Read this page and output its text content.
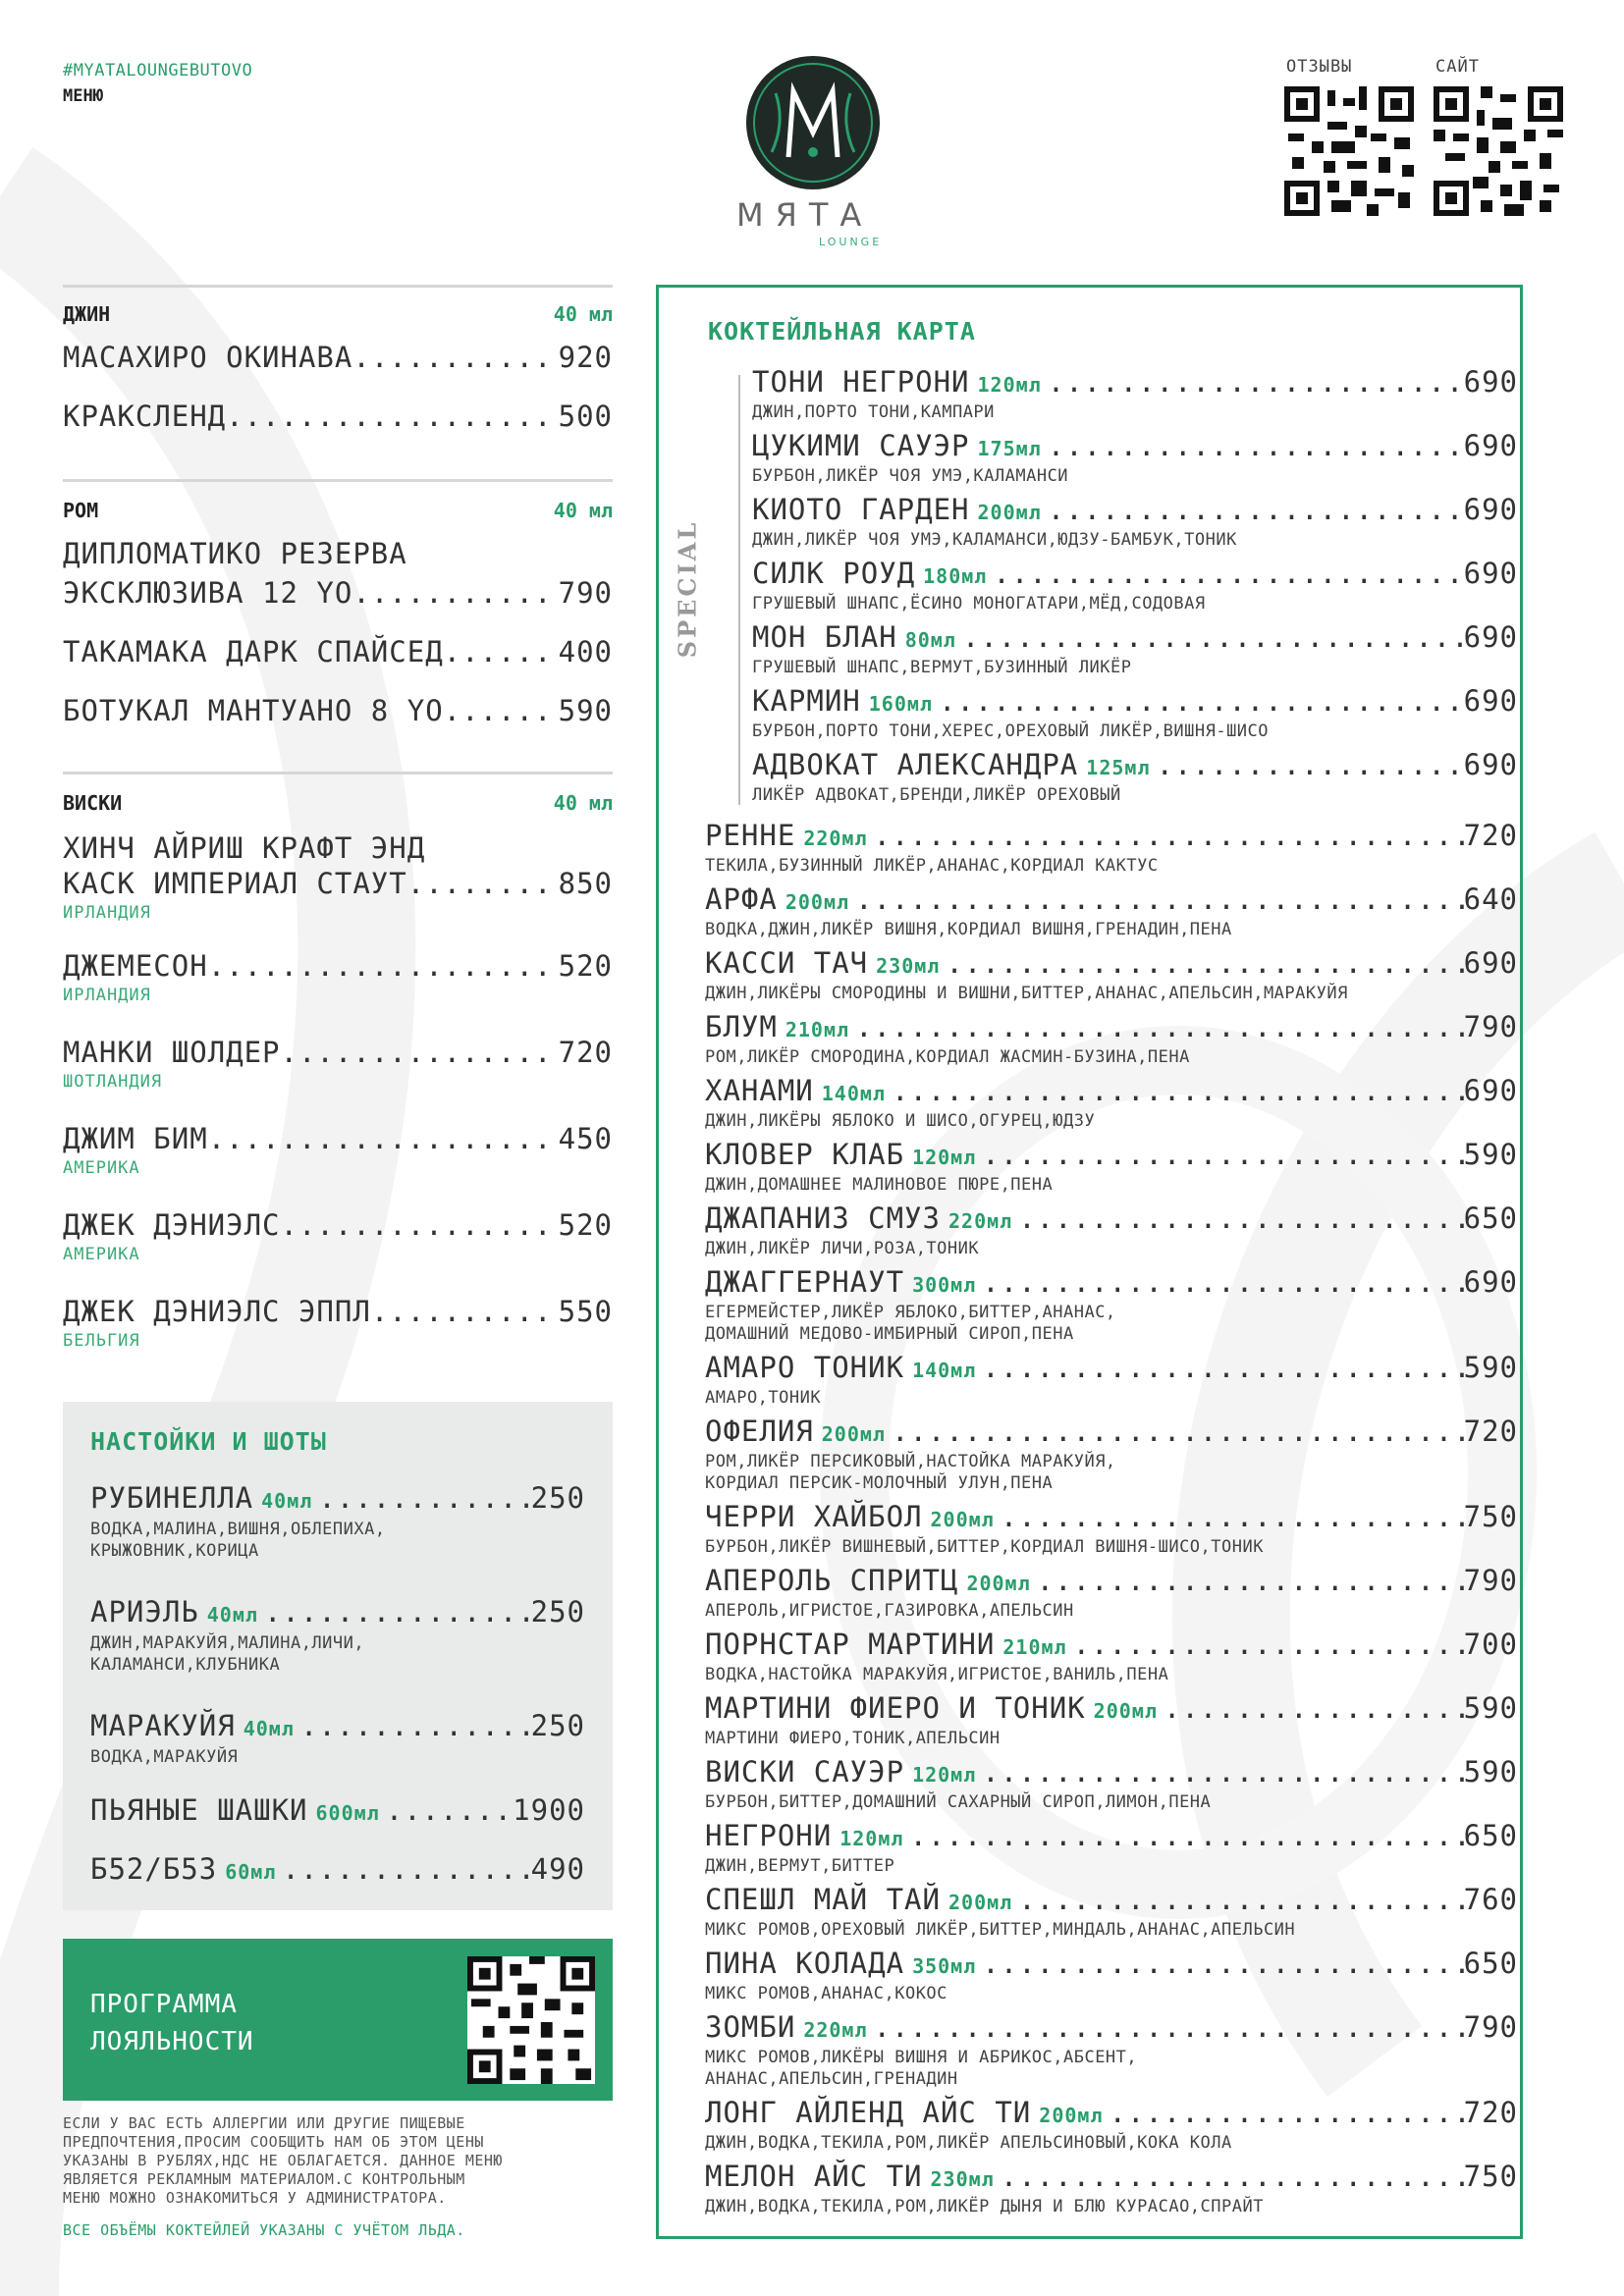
#MYATALOUNGEBUTOVO
МЕНЮ
МЯТА
LOUNGE
ОТЗЫВЫ	САЙТ
ДЖИН	40 мл
МАСАХИРО ОКИНАВА .....	920
КРАКСЛЕНД .....	500
РОМ	40 мл
ДИПЛОМАТИКО РЕЗЕРВА
ЭКСКЛЮЗИВА 12 YO .....	790
ТАКАМАКА ДАРК СПАЙСЕД .....	400
БОТУКАЛ МАНТУАНО 8 YO .....	590
ВИСКИ	40 мл
ХИНЧ АЙРИШ КРАФТ ЭНД
КАСК ИМПЕРИАЛ СТАУТ .....	850
ИРЛАНДИЯ
ДЖЕМЕСОН .....	520
ИРЛАНДИЯ
МАНКИ ШОЛДЕР .....	720
ШОТЛАНДИЯ
ДЖИМ БИМ .....	450
АМЕРИКА
ДЖЕК ДЭНИЭЛС .....	520
АМЕРИКА
ДЖЕК ДЭНИЭЛС ЭППЛ .....	550
БЕЛЬГИЯ
НАСТОЙКИ И ШОТЫ
РУБИНЕЛЛА 40мл .....	250
ВОДКА,МАЛИНА,ВИШНЯ,ОБЛЕПИХА,
КРЫЖОВНИК,КОРИЦА
АРИЭЛЬ 40мл .....	250
ДЖИН,МАРАКУЙЯ,МАЛИНА,ЛИЧИ,
КАЛАМАНСИ,КЛУБНИКА
МАРАКУЙЯ 40мл .....	250
ВОДКА,МАРАКУЙЯ
ПЬЯНЫЕ ШАШКИ 600мл .....	1900
Б52/Б53 60мл .....	490
ПРОГРАММА
ЛОЯЛЬНОСТИ
ЕСЛИ У ВАС ЕСТЬ АЛЛЕРГИИ ИЛИ ДРУГИЕ ПИЩЕВЫЕ
ПРЕДПОЧТЕНИЯ,ПРОСИМ СООБЩИТЬ НАМ ОБ ЭТОМ ЦЕНЫ
УКАЗАНЫ В РУБЛЯХ,НДС НЕ ОБЛАГАЕТСЯ. ДАННОЕ МЕНЮ
ЯВЛЯЕТСЯ РЕКЛАМНЫМ МАТЕРИАЛОМ.С КОНТРОЛЬНЫМ
МЕНЮ МОЖНО ОЗНАКОМИТЬСЯ У АДМИНИСТРАТОРА.
ВСЕ ОБЪЁМЫ КОКТЕЙЛЕЙ УКАЗАНЫ С УЧЁТОМ ЛЬДА.
КОКТЕЙЛЬНАЯ КАРТА
SPECIAL
ТОНИ НЕГРОНИ 120мл .....	690
ДЖИН,ПОРТО ТОНИ,КАМПАРИ
ЦУКИМИ САУЭР 175мл .....	690
БУРБОН,ЛИКЁР ЧОЯ УМЭ,КАЛАМАНСИ
КИОТО ГАРДЕН 200мл .....	690
ДЖИН,ЛИКЁР ЧОЯ УМЭ,КАЛАМАНСИ,ЮДЗУ-БАМБУК,ТОНИК
СИЛК РОУД 180мл .....	690
ГРУШЕВЫЙ ШНАПС,ЁСИНО МОНОГАТАРИ,МЁД,СОДОВАЯ
МОН БЛАН 80мл .....	690
ГРУШЕВЫЙ ШНАПС,ВЕРМУТ,БУЗИННЫЙ ЛИКЁР
КАРМИН 160мл .....	690
БУРБОН,ПОРТО ТОНИ,ХЕРЕС,ОРЕХОВЫЙ ЛИКЁР,ВИШНЯ-ШИСО
АДВОКАТ АЛЕКСАНДРА 125мл .....	690
ЛИКЁР АДВОКАТ,БРЕНДИ,ЛИКЁР ОРЕХОВЫЙ
РЕННЕ 220мл .....	720
ТЕКИЛА,БУЗИННЫЙ ЛИКЁР,АНАНАС,КОРДИАЛ КАКТУС
АРФА 200мл .....	640
ВОДКА,ДЖИН,ЛИКЁР ВИШНЯ,КОРДИАЛ ВИШНЯ,ГРЕНАДИН,ПЕНА
КАССИ ТАЧ 230мл .....	690
ДЖИН,ЛИКЁРЫ СМОРОДИНЫ И ВИШНИ,БИТТЕР,АНАНАС,АПЕЛЬСИН,МАРАКУЙЯ
БЛУМ 210мл .....	790
РОМ,ЛИКЁР СМОРОДИНА,КОРДИАЛ ЖАСМИН-БУЗИНА,ПЕНА
ХАНАМИ 140мл .....	690
ДЖИН,ЛИКЁРЫ ЯБЛОКО И ШИСО,ОГУРЕЦ,ЮДЗУ
КЛОВЕР КЛАБ 120мл .....	590
ДЖИН,ДОМАШНЕЕ МАЛИНОВОЕ ПЮРЕ,ПЕНА
ДЖАПАНИЗ СМУЗ 220мл .....	650
ДЖИН,ЛИКЁР ЛИЧИ,РОЗА,ТОНИК
ДЖАГГЕРНАУТ 300мл .....	690
ЕГЕРМЕЙСТЕР,ЛИКЁР ЯБЛОКО,БИТТЕР,АНАНАС,
ДОМАШНИЙ МЕДОВО-ИМБИРНЫЙ СИРОП,ПЕНА
АМАРО ТОНИК 140мл .....	590
АМАРО,ТОНИК
ОФЕЛИЯ 200мл .....	720
РОМ,ЛИКЁР ПЕРСИКОВЫЙ,НАСТОЙКА МАРАКУЙЯ,
КОРДИАЛ ПЕРСИК-МОЛОЧНЫЙ УЛУН,ПЕНА
ЧЕРРИ ХАЙБОЛ 200мл .....	750
БУРБОН,ЛИКЁР ВИШНЕВЫЙ,БИТТЕР,КОРДИАЛ ВИШНЯ-ШИСО,ТОНИК
АПЕРОЛЬ СПРИТЦ 200мл .....	790
АПЕРОЛЬ,ИГРИСТОЕ,ГАЗИРОВКА,АПЕЛЬСИН
ПОРНСТАР МАРТИНИ 210мл .....	700
ВОДКА,НАСТОЙКА МАРАКУЙЯ,ИГРИСТОЕ,ВАНИЛЬ,ПЕНА
МАРТИНИ ФИЕРО И ТОНИК 200мл .....	590
МАРТИНИ ФИЕРО,ТОНИК,АПЕЛЬСИН
ВИСКИ САУЭР 120мл .....	590
БУРБОН,БИТТЕР,ДОМАШНИЙ САХАРНЫЙ СИРОП,ЛИМОН,ПЕНА
НЕГРОНИ 120мл .....	650
ДЖИН,ВЕРМУТ,БИТТЕР
СПЕШЛ МАЙ ТАЙ 200мл .....	760
МИКС РОМОВ,ОРЕХОВЫЙ ЛИКЁР,БИТТЕР,МИНДАЛЬ,АНАНАС,АПЕЛЬСИН
ПИНА КОЛАДА 350мл .....	650
МИКС РОМОВ,АНАНАС,КОКОС
ЗОМБИ 220мл .....	790
МИКС РОМОВ,ЛИКЁРЫ ВИШНЯ И АБРИКОС,АБСЕНТ,
АНАНАС,АПЕЛЬСИН,ГРЕНАДИН
ЛОНГ АЙЛЕНД АЙС ТИ 200мл .....	720
ДЖИН,ВОДКА,ТЕКИЛА,РОМ,ЛИКЁР АПЕЛЬСИНОВЫЙ,КОКА КОЛА
МЕЛОН АЙС ТИ 230мл .....	750
ДЖИН,ВОДКА,ТЕКИЛА,РОМ,ЛИКЁР ДЫНЯ И БЛЮ КУРАСАО,СПРАЙТ
